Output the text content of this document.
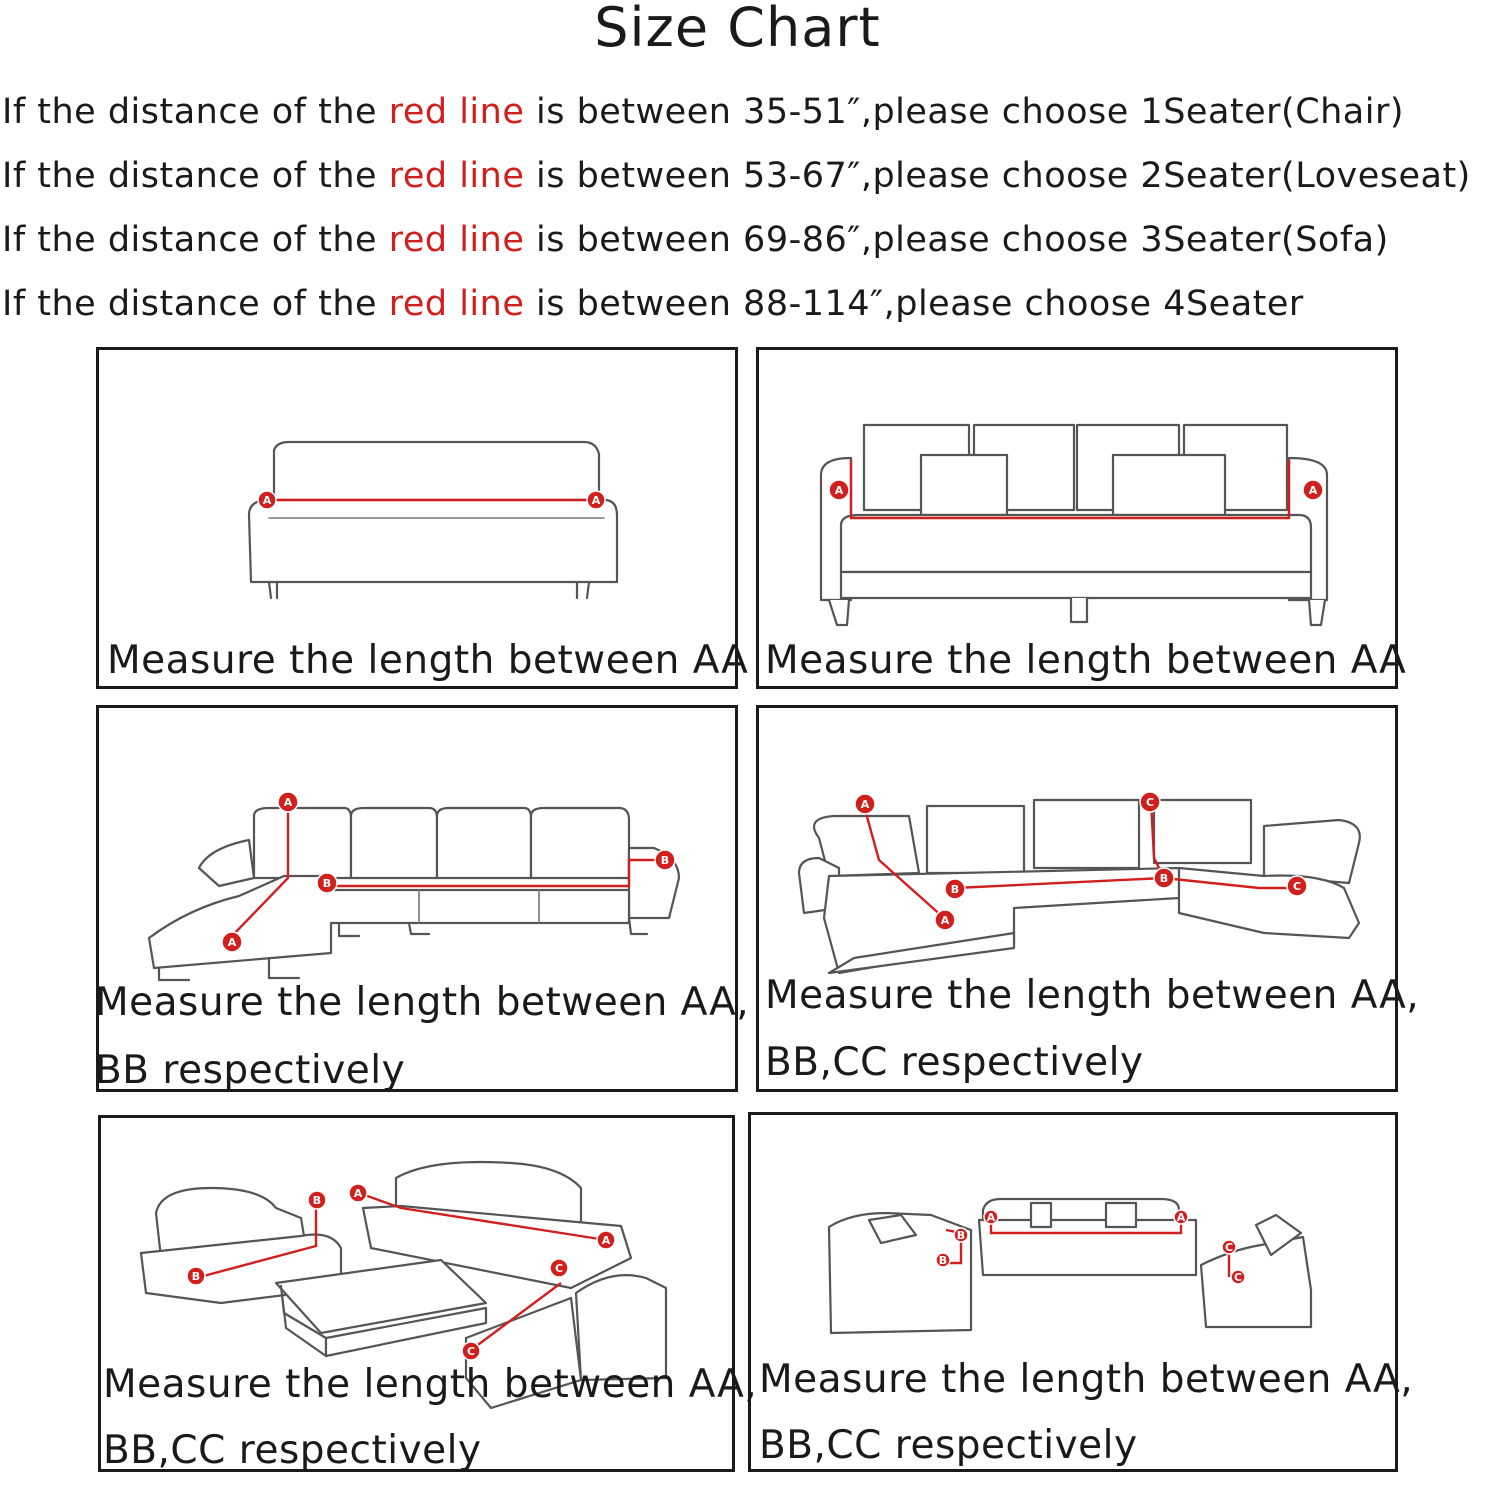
Size Chart
If the distance of the red line is between 35-51″,please choose 1Seater(Chair)
If the distance of the red line is between 53-67″,please choose 2Seater(Loveseat)
If the distance of the red line is between 69-86″,please choose 3Seater(Sofa)
If the distance of the red line is between 88-114″,please choose 4Seater
A	A
Measure the length between AA
A	A
Measure the length between AA
A
A
B
B
Measure the length between AA,
BB respectively
A
A
B
B
C
C
Measure the length between AA,
BB,CC respectively
B
B
A
A
C
C
Measure the length between AA,
BB,CC respectively
A	A
B
B
C
C
Measure the length between AA,
BB,CC respectively
